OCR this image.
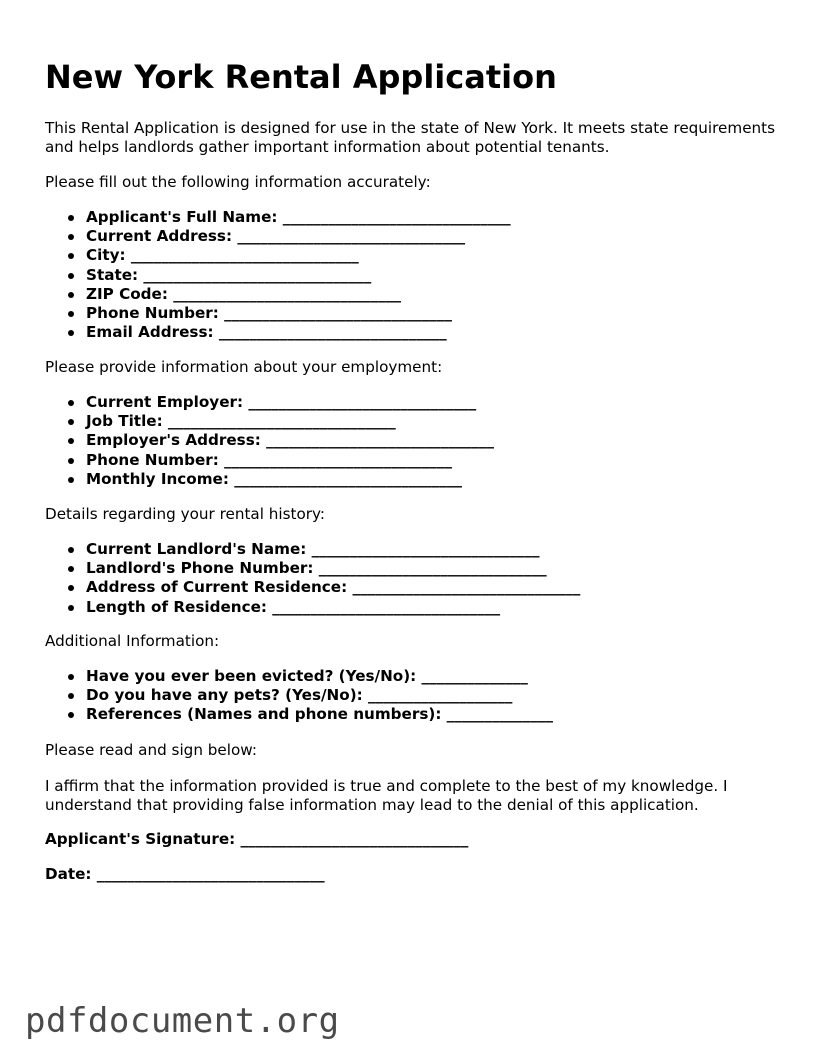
New York Rental Application

This Rental Application is designed for use in the state of New York. It meets state requirements and helps landlords gather important information about potential tenants.

Please fill out the following information accurately:

Applicant's Full Name: ______________________________
Current Address: ______________________________
City: ______________________________
State: ______________________________
ZIP Code: ______________________________
Phone Number: ______________________________
Email Address: ______________________________

Please provide information about your employment:

Current Employer: ______________________________
Job Title: ______________________________
Employer's Address: ______________________________
Phone Number: ______________________________
Monthly Income: ______________________________

Details regarding your rental history:

Current Landlord's Name: ______________________________
Landlord's Phone Number: ______________________________
Address of Current Residence: ______________________________
Length of Residence: ______________________________

Additional Information:

Have you ever been evicted? (Yes/No): ______________
Do you have any pets? (Yes/No): ___________________
References (Names and phone numbers): ______________

Please read and sign below:

I affirm that the information provided is true and complete to the best of my knowledge. I understand that providing false information may lead to the denial of this application.

Applicant's Signature: ______________________________

Date: ______________________________

pdfdocument.org
